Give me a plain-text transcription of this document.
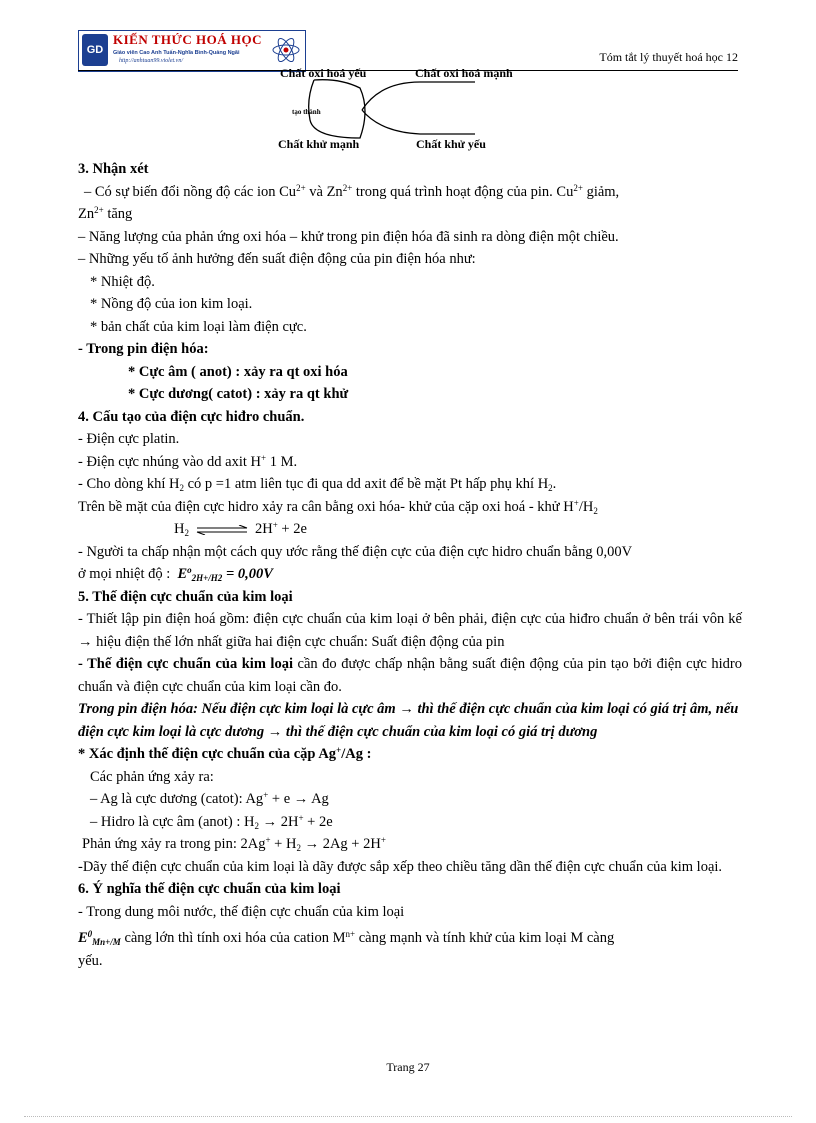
GD
KIẾN THỨC HOÁ HỌC
Giáo viên Cao Anh Tuấn-Nghĩa Bình-Quảng Ngãi
http://anhtuan99.violet.vn/	Tóm tắt lý thuyết hoá học 12
Chất oxi hoá yếu	Chất oxi hoá mạnh
tạo thành
Chất khử mạnh	Chất khử yếu
3. Nhận xét
– Có sự biến đổi nồng độ các ion $Cu^{2+}$ và $Zn^{2+}$ trong quá trình hoạt động của pin. $Cu^{2+}$ giảm,
$Zn^{2+}$ tăng
– Năng lượng của phản ứng oxi hóa – khử trong pin điện hóa đã sinh ra dòng điện một chiều.
– Những yếu tố ảnh hưởng đến suất điện động của pin điện hóa như:
* Nhiệt độ.
* Nồng độ của ion kim loại.
* bản chất của kim loại làm điện cực.
- Trong pin điện hóa:
* Cực âm ( anot) : xảy ra qt oxi hóa
* Cực dương( catot) : xảy ra qt khử
4. Cấu tạo của điện cực hiđro chuẩn.
- Điện cực platin.
- Điện cực nhúng vào dd axit H+ 1 M.
- Cho dòng khí $H_2$ có p =1 atm liên tục đi qua dd axit để bề mặt Pt hấp phụ khí $H_2$.
Trên bề mặt của điện cực hidro xảy ra cân bằng oxi hóa- khử của cặp oxi hoá - khử $H^+/H_2$
$H_2$ ⇌ 2H+ + 2e
- Người ta chấp nhận một cách quy ước rằng thế điện cực của điện cực hidro chuẩn bằng 0,00V
ở mọi nhiệt độ : $E^o_{2H+/H2} = 0,00V$
5. Thế điện cực chuẩn của kim loại
- Thiết lập pin điện hoá gồm: điện cực chuẩn của kim loại ở bên phải, điện cực của hiđro chuẩn ở bên trái vôn kế → hiệu điện thế lớn nhất giữa hai điện cực chuẩn: Suất điện động của pin
- Thế điện cực chuẩn của kim loại cần đo được chấp nhận bằng suất điện động của pin tạo bởi điện cực hidro chuẩn và điện cực chuẩn của kim loại cần đo.
Trong pin điện hóa: Nếu điện cực kim loại là cực âm → thì thế điện cực chuẩn của kim loại có giá trị âm, nếu điện cực kim loại là cực dương → thì thế điện cực chuẩn của kim loại có giá trị dương
* Xác định thế điện cực chuẩn của cặp Ag+/Ag :
Các phản ứng xảy ra:
– Ag là cực dương (catot): Ag+ + e → Ag
– Hidro là cực âm (anot) : $H_2 \to 2H^+ + 2e$
Phản ứng xảy ra trong pin: $2Ag^+ + H_2 \to 2Ag + 2H^+$
-Dãy thế điện cực chuẩn của kim loại là dãy được sắp xếp theo chiều tăng dần thế điện cực chuẩn của kim loại.
6. Ý nghĩa thế điện cực chuẩn của kim loại
- Trong dung môi nước, thế điện cực chuẩn của kim loại
$E^0_{Mn+/M}$ càng lớn thì tính oxi hóa của cation $M^{n+}$ càng mạnh và tính khử của kim loại M càng
yếu.
Trang 27
